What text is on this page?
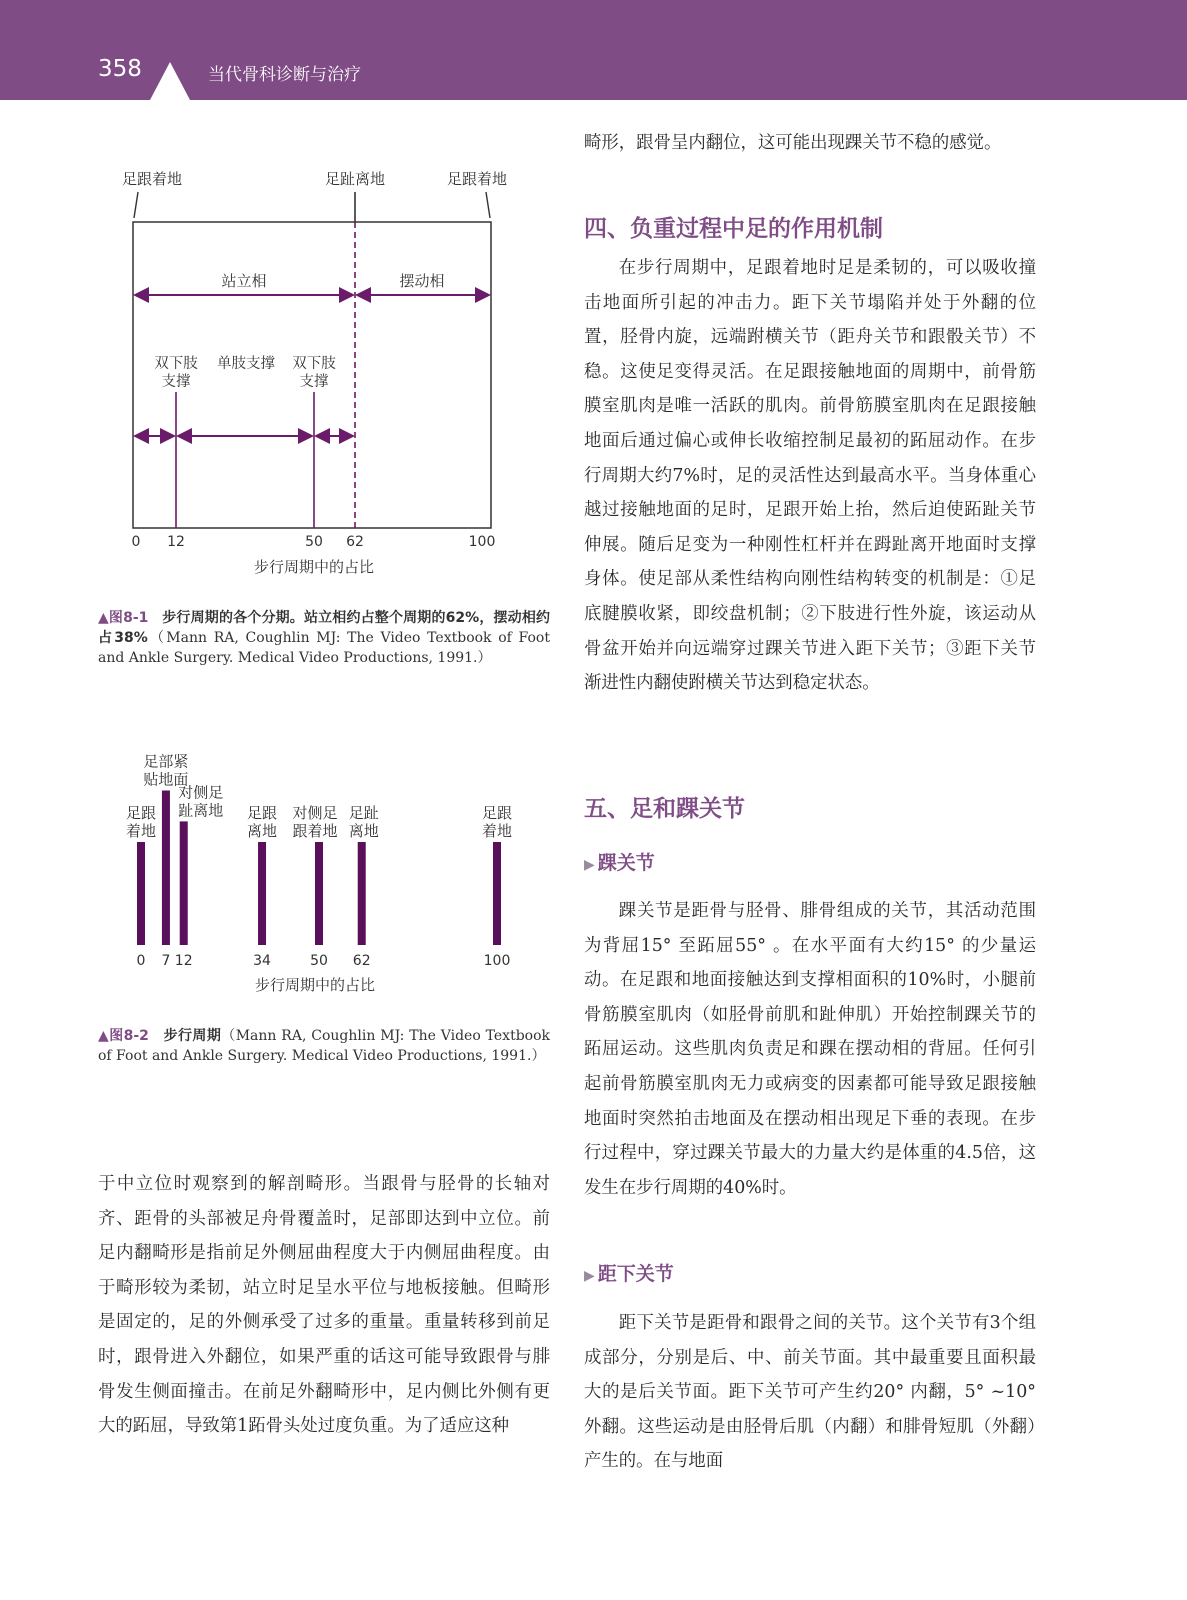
358	当代骨科诊断与治疗
足跟着地	足趾离地	足跟着地
站立相	摆动相
双下肢支撑
单肢支撑 双下肢支撑
0 12	50 62	100
步行周期中的占比
▲图8-1 步行周期的各个分期。站立相约占整个周期的62%，摆动相约占38%（Mann RA, Coughlin MJ: The Video Textbook of Foot and Ankle Surgery. Medical Video Productions, 1991.）
足跟着地
0
足部紧贴地面
7
对侧足趾离地
12
足跟离地
34
对侧足跟着地
50
足趾离地
62
足跟着地
100
步行周期中的占比
▲图8-2 步行周期（Mann RA, Coughlin MJ: The Video Textbook of Foot and Ankle Surgery. Medical Video Productions, 1991.）

于中立位时观察到的解剖畸形。当跟骨与胫骨的长轴对齐、距骨的头部被足舟骨覆盖时，足部即达到中立位。前足内翻畸形是指前足外侧屈曲程度大于内侧屈曲程度。由于畸形较为柔韧，站立时足呈水平位与地板接触。但畸形是固定的，足的外侧承受了过多的重量。重量转移到前足时，跟骨进入外翻位，如果严重的话这可能导致跟骨与腓骨发生侧面撞击。在前足外翻畸形中，足内侧比外侧有更大的跖屈，导致第1跖骨头处过度负重。为了适应这种

畸形，跟骨呈内翻位，这可能出现踝关节不稳的感觉。

四、负重过程中足的作用机制

在步行周期中，足跟着地时足是柔韧的，可以吸收撞击地面所引起的冲击力。距下关节塌陷并处于外翻的位置，胫骨内旋，远端跗横关节（距舟关节和跟骰关节）不稳。这使足变得灵活。在足跟接触地面的周期中，前骨筋膜室肌肉是唯一活跃的肌肉。前骨筋膜室肌肉在足跟接触地面后通过偏心或伸长收缩控制足最初的跖屈动作。在步行周期大约7%时，足的灵活性达到最高水平。当身体重心越过接触地面的足时，足跟开始上抬，然后迫使跖趾关节伸展。随后足变为一种刚性杠杆并在𧿹趾离开地面时支撑身体。使足部从柔性结构向刚性结构转变的机制是：①足底腱膜收紧，即绞盘机制；②下肢进行性外旋，该运动从骨盆开始并向远端穿过踝关节进入距下关节；③距下关节渐进性内翻使跗横关节达到稳定状态。

五、足和踝关节
▶ 踝关节

踝关节是距骨与胫骨、腓骨组成的关节，其活动范围为背屈15° 至跖屈55° 。在水平面有大约15° 的少量运动。在足跟和地面接触达到支撑相面积的10%时，小腿前骨筋膜室肌肉（如胫骨前肌和趾伸肌）开始控制踝关节的跖屈运动。这些肌肉负责足和踝在摆动相的背屈。任何引起前骨筋膜室肌肉无力或病变的因素都可能导致足跟接触地面时突然拍击地面及在摆动相出现足下垂的表现。在步行过程中，穿过踝关节最大的力量大约是体重的4.5倍，这发生在步行周期的40%时。

▶ 距下关节

距下关节是距骨和跟骨之间的关节。这个关节有3个组成部分，分别是后、中、前关节面。其中最重要且面积最大的是后关节面。距下关节可产生约20° 内翻，5° ~10° 外翻。这些运动是由胫骨后肌（内翻）和腓骨短肌（外翻）产生的。在与地面
